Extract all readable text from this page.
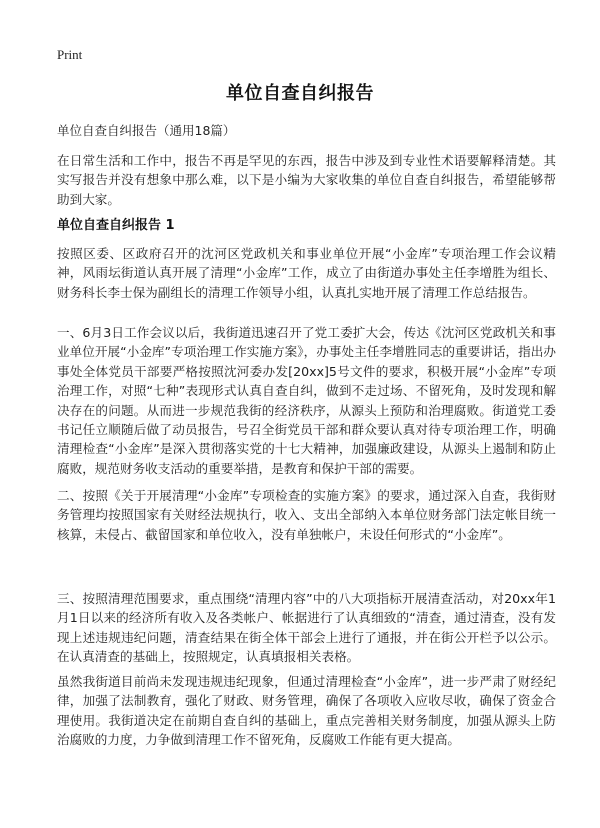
Print
单位自查自纠报告
单位自查自纠报告（通用18篇）

在日常生活和工作中，报告不再是罕见的东西，报告中涉及到专业性术语要解释清楚。其实写报告并没有想象中那么难，以下是小编为大家收集的单位自查自纠报告，希望能够帮助到大家。

单位自查自纠报告 1

按照区委、区政府召开的沈河区党政机关和事业单位开展“小金库”专项治理工作会议精神，风雨坛街道认真开展了清理“小金库”工作，成立了由街道办事处主任李增胜为组长、财务科长李士保为副组长的清理工作领导小组，认真扎实地开展了清理工作总结报告。

一、6月3日工作会议以后，我街道迅速召开了党工委扩大会，传达《沈河区党政机关和事业单位开展“小金库”专项治理工作实施方案》，办事处主任李增胜同志的重要讲话，指出办事处全体党员干部要严格按照沈河委办发[20xx]5号文件的要求，积极开展“小金库”专项治理工作，对照“七种”表现形式认真自查自纠，做到不走过场、不留死角，及时发现和解决存在的问题。从而进一步规范我街的经济秩序，从源头上预防和治理腐败。街道党工委书记任立顺随后做了动员报告，号召全街党员干部和群众要认真对待专项治理工作，明确清理检查“小金库”是深入贯彻落实党的十七大精神，加强廉政建设，从源头上遏制和防止腐败，规范财务收支活动的重要举措，是教育和保护干部的需要。

二、按照《关于开展清理“小金库”专项检查的实施方案》的要求，通过深入自查，我街财务管理均按照国家有关财经法规执行，收入、支出全部纳入本单位财务部门法定帐目统一核算，未侵占、截留国家和单位收入，没有单独帐户，未设任何形式的“小金库”。

三、按照清理范围要求，重点围绕“清理内容”中的八大项指标开展清查活动，对20xx年1月1日以来的经济所有收入及各类帐户、帐据进行了认真细致的“清查，通过清查，没有发现上述违规违纪问题，清查结果在街全体干部会上进行了通报，并在街公开栏予以公示。在认真清查的基础上，按照规定，认真填报相关表格。

虽然我街道目前尚未发现违规违纪现象，但通过清理检查“小金库”，进一步严肃了财经纪律，加强了法制教育，强化了财政、财务管理，确保了各项收入应收尽收，确保了资金合理使用。我街道决定在前期自查自纠的基础上，重点完善相关财务制度，加强从源头上防治腐败的力度，力争做到清理工作不留死角，反腐败工作能有更大提高。
